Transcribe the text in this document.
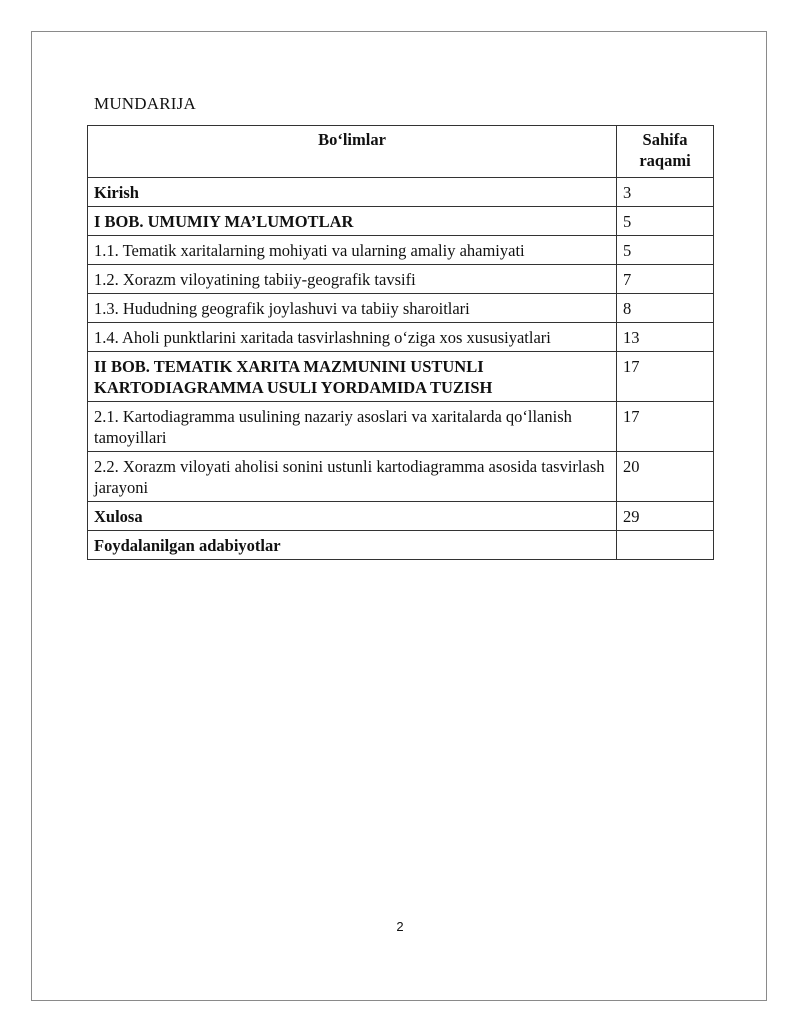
MUNDARIJA
Bo‘limlar	Sahifa raqami
Kirish	3
I BOB. UMUMIY MA’LUMOTLAR	5
1.1. Tematik xaritalarning mohiyati va ularning amaliy ahamiyati	5
1.2. Xorazm viloyatining tabiiy-geografik tavsifi	7
1.3. Hududning geografik joylashuvi va tabiiy sharoitlari	8
1.4. Aholi punktlarini xaritada tasvirlashning o‘ziga xos xususiyatlari	13
II BOB. TEMATIK XARITA MAZMUNINI USTUNLI KARTODIAGRAMMA USULI YORDAMIDA TUZISH	17
2.1. Kartodiagramma usulining nazariy asoslari va xaritalarda qo‘llanish tamoyillari	17
2.2. Xorazm viloyati aholisi sonini ustunli kartodiagramma asosida tasvirlash jarayoni	20
Xulosa	29
Foydalanilgan adabiyotlar	
2
